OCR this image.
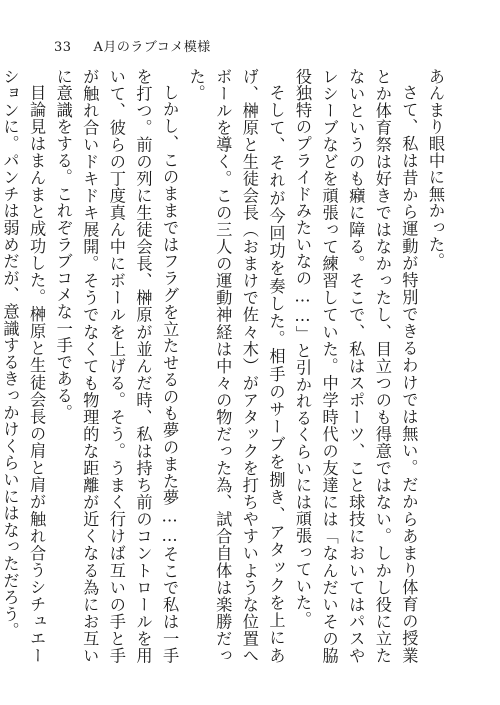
33 A月のラブコメ模様

あんまり眼中に無かった。

さて、私は昔から運動が特別できるわけでは無い。だからあまり体育の授業とか体育祭は好きではなかったし、目立つのも得意ではない。しかし役に立たないというのも癪に障る。そこで、私はスポーツ、こと球技においてはパスやレシーブなどを頑張って練習していた。中学時代の友達には「なんだいその脇役独特のプライドみたいなの……」と引かれるくらいには頑張っていた。

そして、それが今回功を奏した。相手のサーブを捌き、アタックを上にあげ、榊原と生徒会長（おまけで佐々木）がアタックを打ちやすいような位置へボールを導く。この三人の運動神経は中々の物だった為、試合自体は楽勝だった。

しかし、このままではフラグを立たせるのも夢のまた夢……そこで私は一手を打つ。前の列に生徒会長、榊原が並んだ時、私は持ち前のコントロールを用いて、彼らの丁度真ん中にボールを上げる。そう。うまく行けば互いの手と手が触れ合いドキドキ展開。そうでなくても物理的な距離が近くなる為にお互いに意識をする。これぞラブコメな一手である。

目論見はまんまと成功した。榊原と生徒会長の肩と肩が触れ合うシチュエーションに。パンチは弱めだが、意識するきっかけくらいにはなっただろう。
